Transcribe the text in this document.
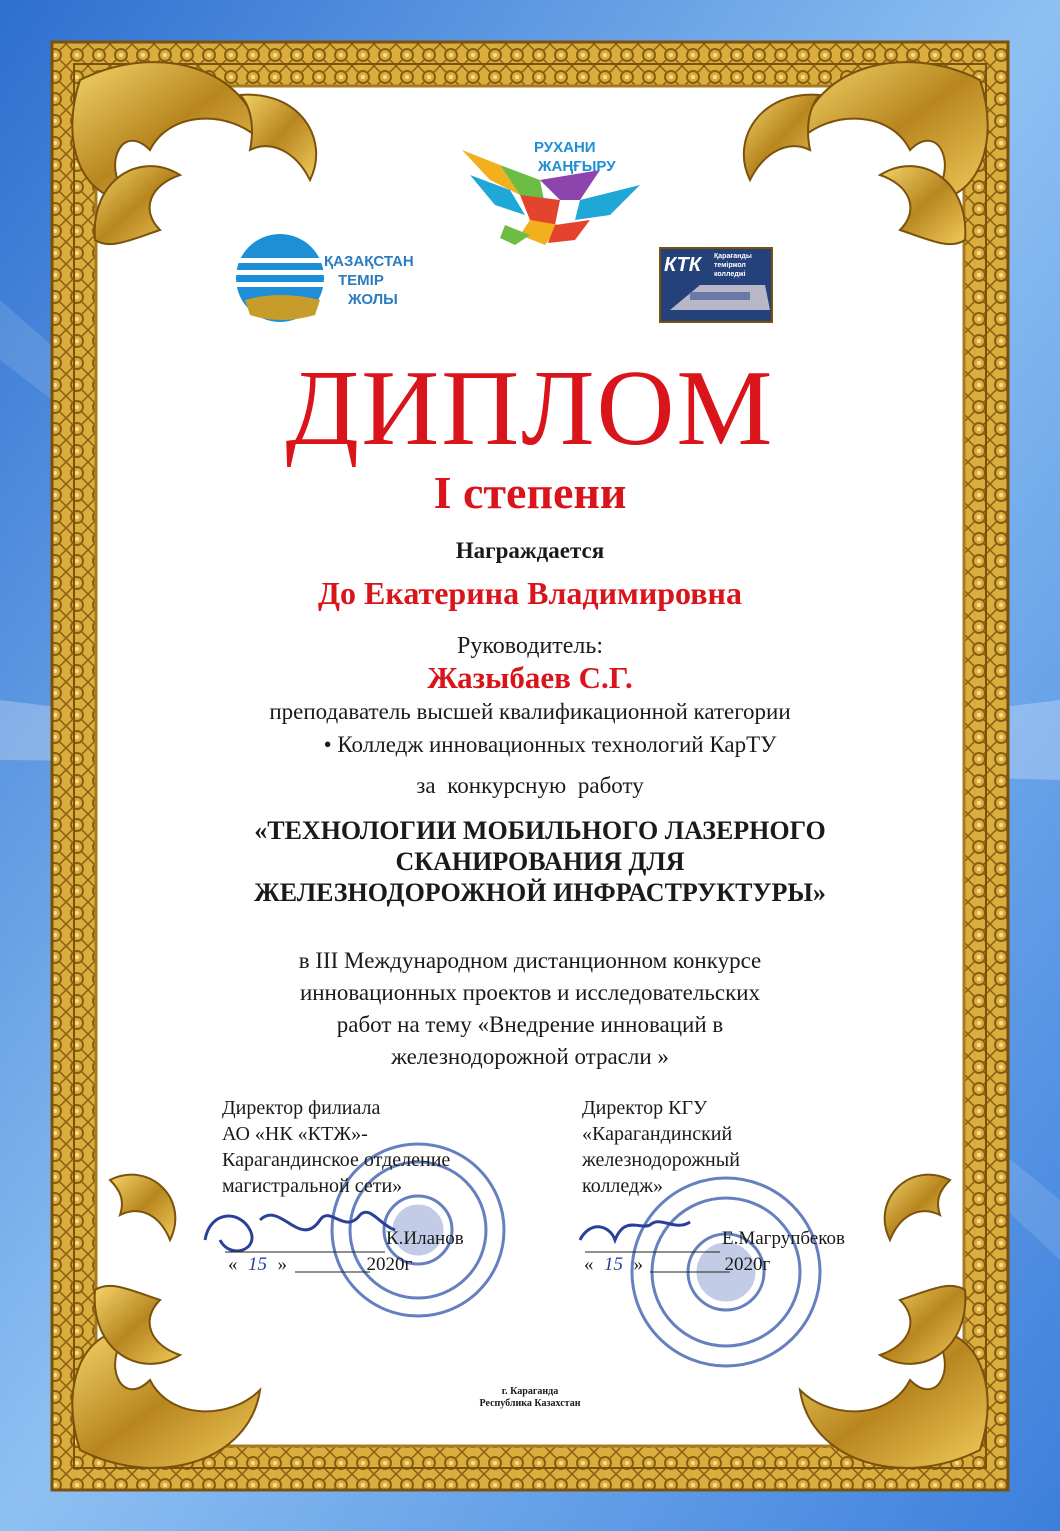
РУХАНИ
ЖАҢҒЫРУ
ҚАЗАҚСТАН
ТЕМІР
ЖОЛЫ
КТК Қарағанды
теміржол
колледжі
ДИПЛОМ
I степени
Награждается
До Екатерина Владимировна
Руководитель:
Жазыбаев С.Г.
преподаватель высшей квалификационной категории
• Колледж инновационных технологий КарТУ
за конкурсную работу
«ТЕХНОЛОГИИ МОБИЛЬНОГО ЛАЗЕРНОГО
СКАНИРОВАНИЯ ДЛЯ
ЖЕЛЕЗНОДОРОЖНОЙ ИНФРАСТРУКТУРЫ»
в III Международном дистанционном конкурсе
инновационных проектов и исследовательских
работ на тему «Внедрение инноваций в
железнодорожной отрасли »
Директор филиала
АО «НК «КТЖ»-
Карагандинское отделение
магистральной сети»
К.Иланов
« 15 »	2020г
Директор КГУ
«Карагандинский
железнодорожный
колледж»
Е.Магрупбеков
« 15 »	2020г
г. Караганда
Республика Казахстан
